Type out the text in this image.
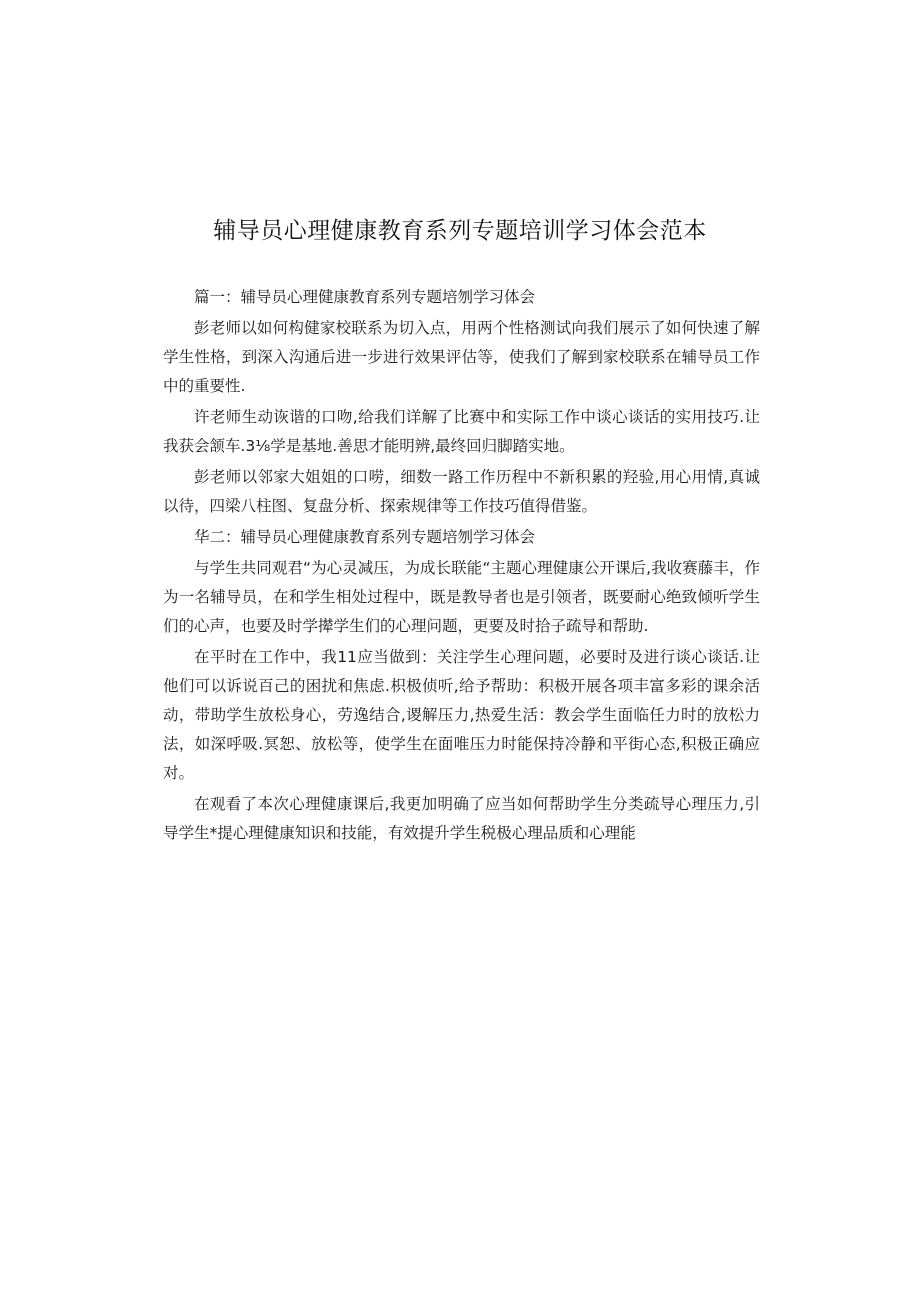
辅导员心理健康教育系列专题培训学习体会范本

篇一：辅导员心理健康教育系列专题培刎学习体会

彭老师以如何构健家校联系为切入点，用两个性格测试向我们展示了如何快速了解学生性格，到深入沟通后进一步进行效果评估等，使我们了解到家校联系在辅导员工作中的重要性.

许老师生动诙谐的口吻,给我们详解了比赛中和实际工作中谈心谈话的实用技巧.让我获会颔车.3⅛学是基地.善思才能明辨,最终回归脚踏实地。

彭老师以邻家大姐姐的口唠，细数一路工作历程中不新积累的羟验,用心用情,真诚以待，四梁八柱图、复盘分析、探索规律等工作技巧值得借鉴。

华二：辅导员心理健康教育系列专题培刎学习体会

与学生共同观君“为心灵减压，为成长联能“主题心理健康公开课后,我收赛藤丰，作为一名辅导员，在和学生相处过程中，既是教导者也是引领者，既要耐心绝致倾听学生们的心声，也要及时学撵学生们的心理问题，更要及时拾子疏导和帮助.

在平时在工作中，我11应当做到：关注学生心理问题，必要时及进行谈心谈话.让他们可以诉说百己的困扰和焦虑.枳极侦听,给予帮助：积极开展各项丰富多彩的课余活动，带助学生放松身心，劳逸结合,谡解压力,热爱生活：教会学生面临任力时的放松力法，如深呼吸.冥恕、放松等，使学生在面唯压力时能保持冷静和平街心态,积极正确应对。

在观看了本次心理健康课后,我更加明确了应当如何帮助学生分类疏导心理压力,引导学生*提心理健康知识和技能，有效提升学生税极心理品质和心理能
